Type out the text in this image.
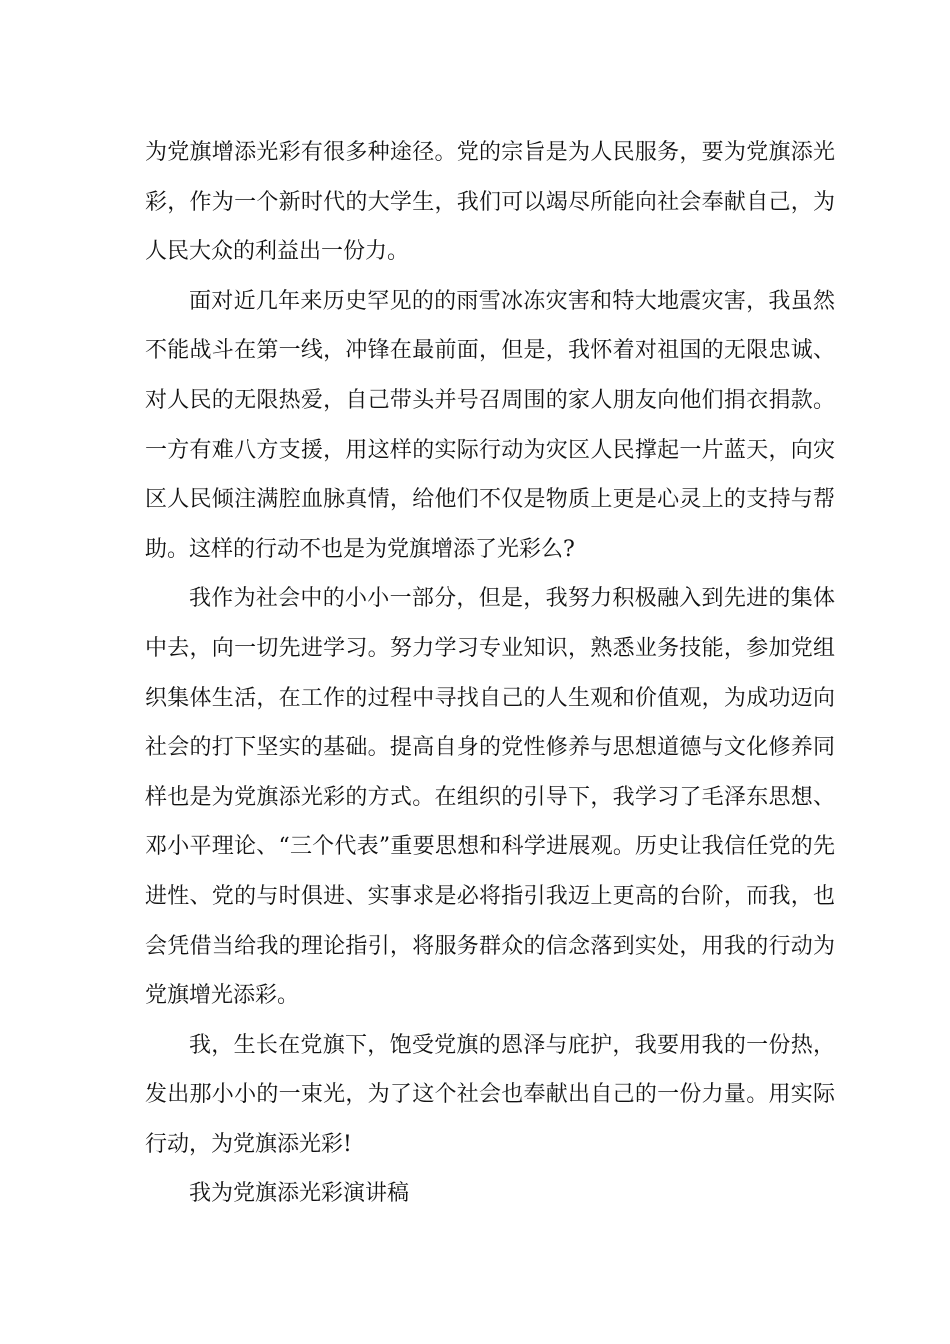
为党旗增添光彩有很多种途径。党的宗旨是为人民服务，要为党旗添光彩，作为一个新时代的大学生，我们可以竭尽所能向社会奉献自己，为人民大众的利益出一份力。

面对近几年来历史罕见的的雨雪冰冻灾害和特大地震灾害，我虽然不能战斗在第一线，冲锋在最前面，但是，我怀着对祖国的无限忠诚、对人民的无限热爱，自己带头并号召周围的家人朋友向他们捐衣捐款。一方有难八方支援，用这样的实际行动为灾区人民撑起一片蓝天，向灾区人民倾注满腔血脉真情，给他们不仅是物质上更是心灵上的支持与帮助。这样的行动不也是为党旗增添了光彩么?

我作为社会中的小小一部分，但是，我努力积极融入到先进的集体中去，向一切先进学习。努力学习专业知识，熟悉业务技能，参加党组织集体生活，在工作的过程中寻找自己的人生观和价值观，为成功迈向社会的打下坚实的基础。提高自身的党性修养与思想道德与文化修养同样也是为党旗添光彩的方式。在组织的引导下，我学习了毛泽东思想、邓小平理论、“三个代表”重要思想和科学进展观。历史让我信任党的先进性、党的与时俱进、实事求是必将指引我迈上更高的台阶，而我，也会凭借当给我的理论指引，将服务群众的信念落到实处，用我的行动为党旗增光添彩。

我，生长在党旗下，饱受党旗的恩泽与庇护，我要用我的一份热，发出那小小的一束光，为了这个社会也奉献出自己的一份力量。用实际行动，为党旗添光彩!

我为党旗添光彩演讲稿
